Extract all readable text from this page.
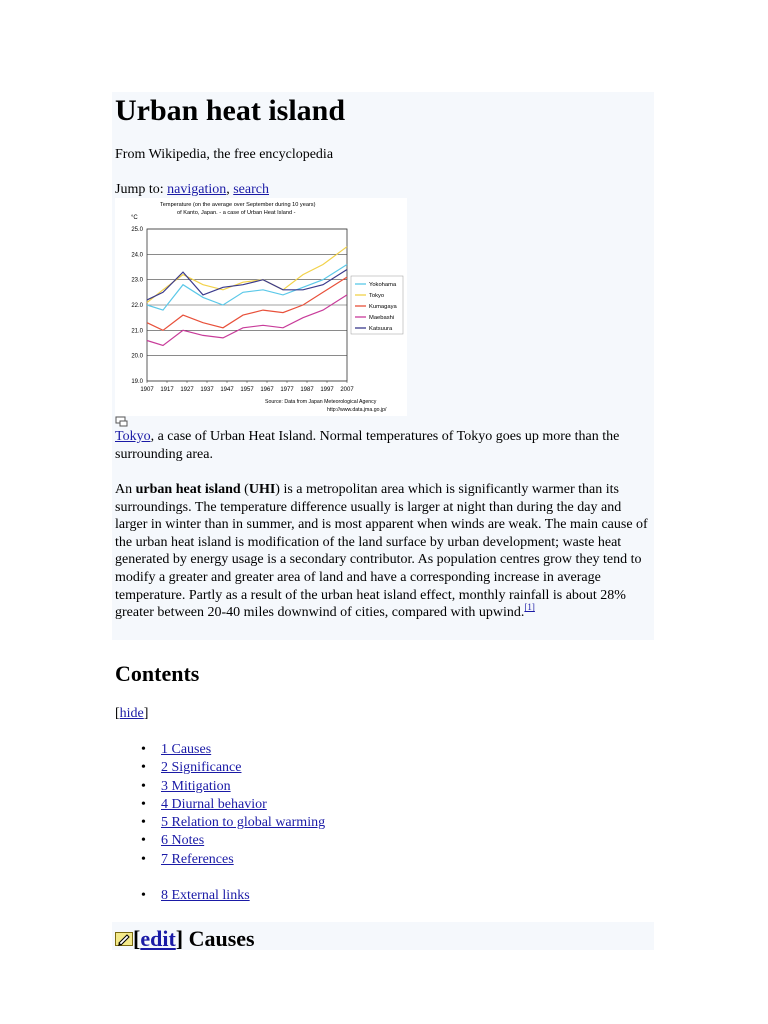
Urban heat island
From Wikipedia, the free encyclopedia
Jump to: navigation, search
Temperature (on the average over September during 10 years)
of Kanto, Japan. - a case of Urban Heat Island -
°C
25.0
24.0
23.0
22.0
21.0
20.0
19.0
1907 1917 1927 1937 1947 1957 1967 1977 1987 1997 2007
Yokohama
Tokyo
Kumagaya
Maebashi
Katsuura
Source: Data from Japan Meteorological Agency
http://www.data.jma.go.jp/
Tokyo, a case of Urban Heat Island. Normal temperatures of Tokyo goes up more than the surrounding area.
An urban heat island (UHI) is a metropolitan area which is significantly warmer than its surroundings. The temperature difference usually is larger at night than during the day and larger in winter than in summer, and is most apparent when winds are weak. The main cause of the urban heat island is modification of the land surface by urban development; waste heat generated by energy usage is a secondary contributor. As population centres grow they tend to modify a greater and greater area of land and have a corresponding increase in average temperature. Partly as a result of the urban heat island effect, monthly rainfall is about 28% greater between 20-40 miles downwind of cities, compared with upwind.[1]
Contents
[hide]
• 1 Causes
• 2 Significance
• 3 Mitigation
• 4 Diurnal behavior
• 5 Relation to global warming
• 6 Notes
• 7 References
• 8 External links
[edit] Causes
